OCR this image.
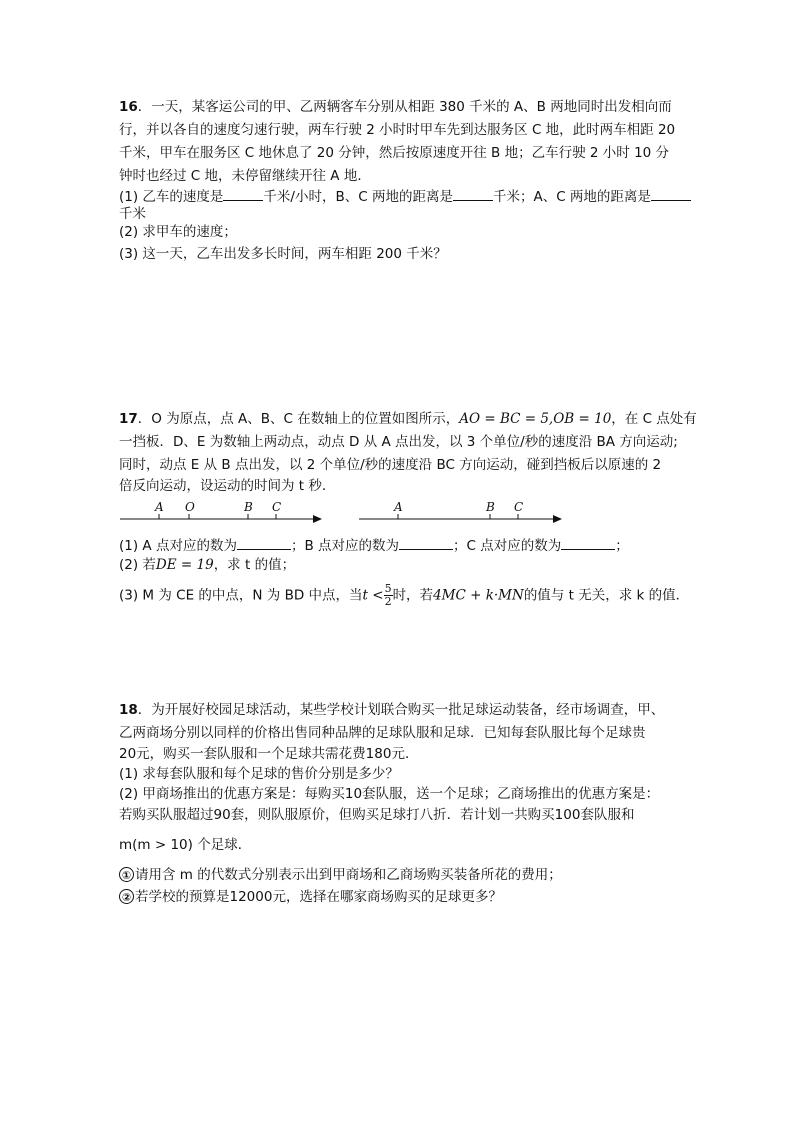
16．一天，某客运公司的甲、乙两辆客车分别从相距 380 千米的 A、B 两地同时出发相向而
行，并以各自的速度匀速行驶，两车行驶 2 小时时甲车先到达服务区 C 地，此时两车相距 20
千米，甲车在服务区 C 地休息了 20 分钟，然后按原速度开往 B 地；乙车行驶 2 小时 10 分
钟时也经过 C 地，未停留继续开往 A 地．
(1) 乙车的速度是	千米/小时，B、C 两地的距离是	千米；A、C 两地的距离是
千米
(2) 求甲车的速度；
(3) 这一天，乙车出发多长时间，两车相距 200 千米？
17．O 为原点，点 A、B、C 在数轴上的位置如图所示，AO = BC = 5,OB = 10，在 C 点处有
一挡板．D、E 为数轴上两动点，动点 D 从 A 点出发，以 3 个单位/秒的速度沿 BA 方向运动;
同时，动点 E 从 B 点出发，以 2 个单位/秒的速度沿 BC 方向运动，碰到挡板后以原速的 2
倍反向运动，设运动的时间为 t 秒．
A O	B C	A	B C
(1) A 点对应的数为	；B 点对应的数为	；C 点对应的数为	；
(2) 若DE = 19，求 t 的值；
(3) M 为 CE 的中点，N 为 BD 中点，当$t < \frac{5}{2}$ 时，若4MC + k·MN的值与 t 无关，求 k 的值．
18．为开展好校园足球活动，某些学校计划联合购买一批足球运动装备，经市场调查，甲、
乙两商场分别以同样的价格出售同种品牌的足球队服和足球．已知每套队服比每个足球贵
20元，购买一套队服和一个足球共需花费180元．
(1) 求每套队服和每个足球的售价分别是多少？
(2) 甲商场推出的优惠方案是：每购买10套队服，送一个足球；乙商场推出的优惠方案是：
若购买队服超过90套，则队服原价，但购买足球打八折．若计划一共购买100套队服和
m(m > 10) 个足球．
① 请用含 m 的代数式分别表示出到甲商场和乙商场购买装备所花的费用；
② 若学校的预算是12000元，选择在哪家商场购买的足球更多？
